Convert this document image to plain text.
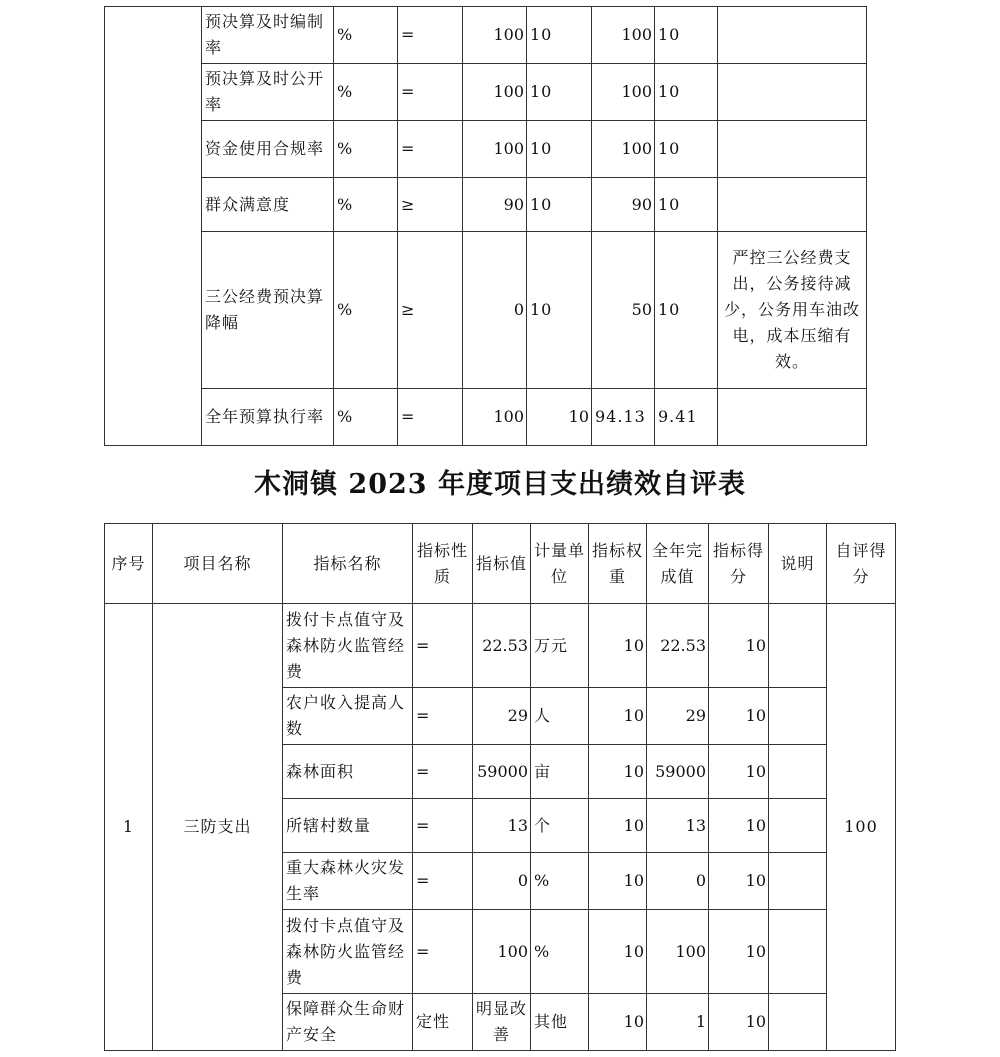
	预决算及时编制率	%	=	100	10	100	10	
	预决算及时公开率	%	=	100	10	100	10	
	资金使用合规率	%	=	100	10	100	10	
	群众满意度	%	≥	90	10	90	10	
	三公经费预决算降幅	%	≥	0	10	50	10	严控三公经费支出，公务接待减少，公务用车油改电，成本压缩有效。
	全年预算执行率	%	=	100	10	94.13	9.41	
木洞镇 2023 年度项目支出绩效自评表
序号	项目名称	指标名称	指标性质	指标值	计量单位	指标权重	全年完成值	指标得分	说明	自评得分
1	三防支出	拨付卡点值守及森林防火监管经费	=	22.53	万元	10	22.53	10		100
		农户收入提高人数	=	29	人	10	29	10		
		森林面积	=	59000	亩	10	59000	10		
		所辖村数量	=	13	个	10	13	10		
		重大森林火灾发生率	=	0	%	10	0	10		
		拨付卡点值守及森林防火监管经费	=	100	%	10	100	10		
		保障群众生命财产安全	定性	明显改善	其他	10	1	10		
